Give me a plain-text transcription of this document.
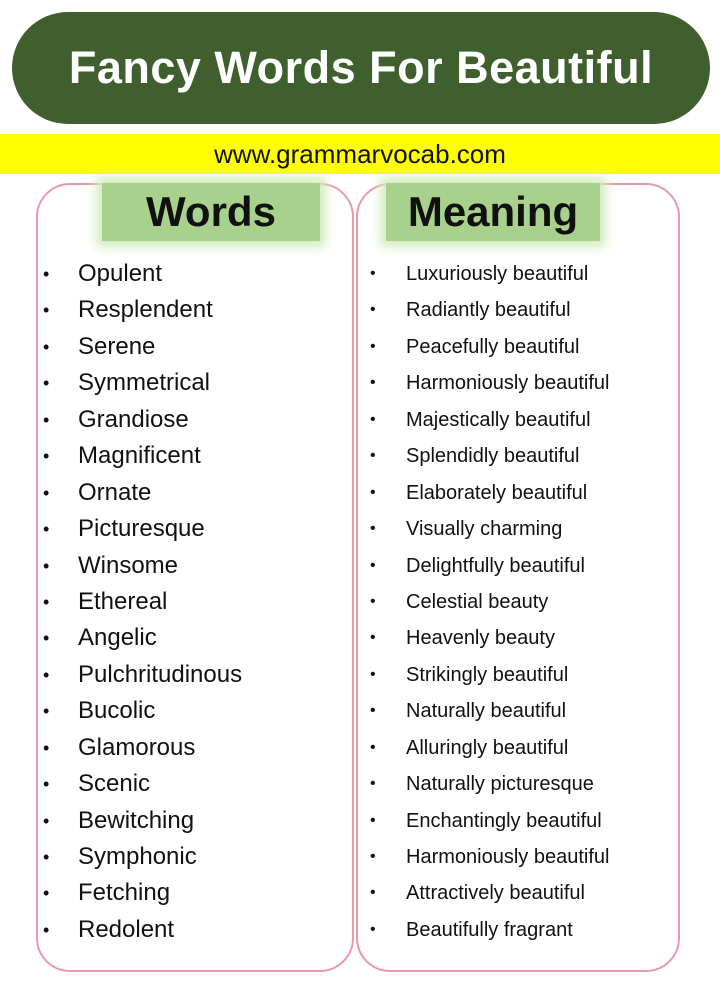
Fancy Words For Beautiful
www.grammarvocab.com
Words	Meaning
• Opulent
• Resplendent
• Serene
• Symmetrical
• Grandiose
• Magnificent
• Ornate
• Picturesque
• Winsome
• Ethereal
• Angelic
• Pulchritudinous
• Bucolic
• Glamorous
• Scenic
• Bewitching
• Symphonic
• Fetching
• Redolent
• Luxuriously beautiful
• Radiantly beautiful
• Peacefully beautiful
• Harmoniously beautiful
• Majestically beautiful
• Splendidly beautiful
• Elaborately beautiful
• Visually charming
• Delightfully beautiful
• Celestial beauty
• Heavenly beauty
• Strikingly beautiful
• Naturally beautiful
• Alluringly beautiful
• Naturally picturesque
• Enchantingly beautiful
• Harmoniously beautiful
• Attractively beautiful
• Beautifully fragrant
